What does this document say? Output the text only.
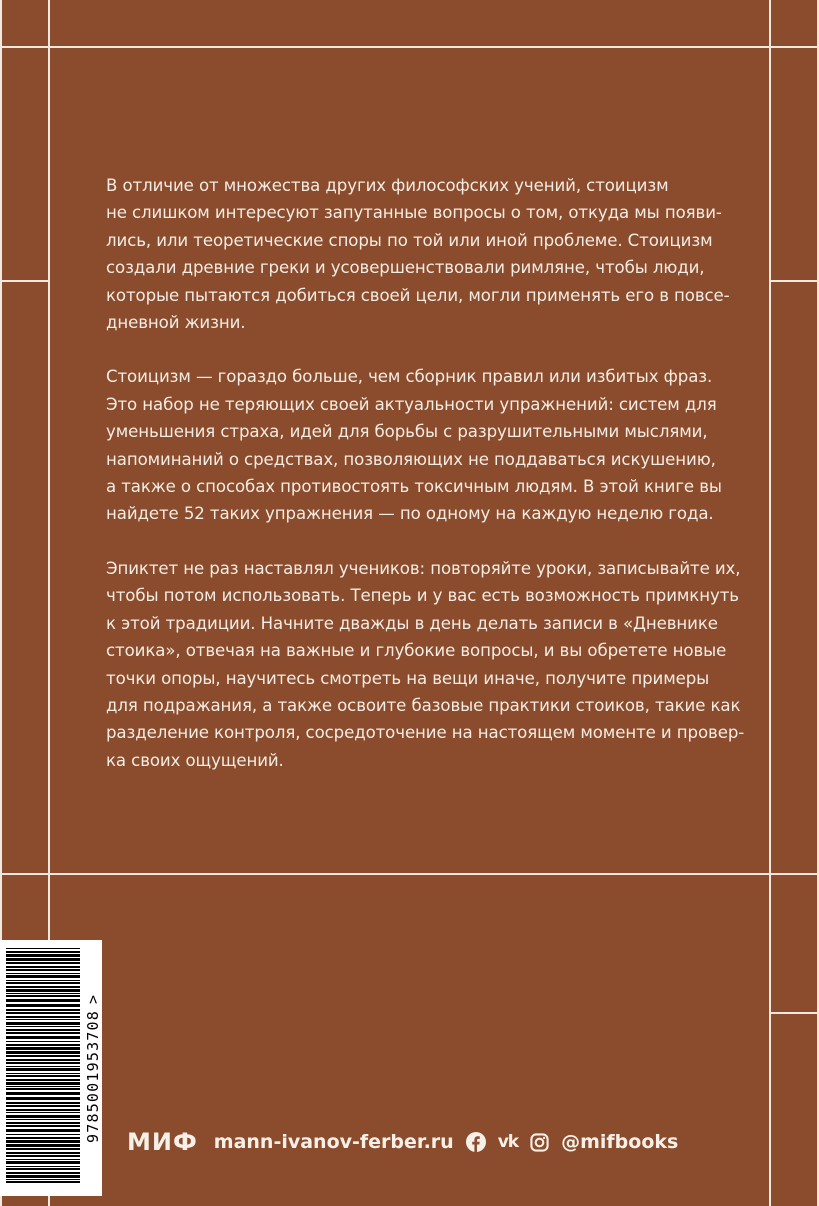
В отличие от множества других философских учений, стоицизм
не слишком интересуют запутанные вопросы о том, откуда мы появи-
лись, или теоретические споры по той или иной проблеме. Стоицизм
создали древние греки и усовершенствовали римляне, чтобы люди,
которые пытаются добиться своей цели, могли применять его в повсе-
дневной жизни.
Стоицизм — гораздо больше, чем сборник правил или избитых фраз.
Это набор не теряющих своей актуальности упражнений: систем для
уменьшения страха, идей для борьбы с разрушительными мыслями,
напоминаний о средствах, позволяющих не поддаваться искушению,
а также о способах противостоять токсичным людям. В этой книге вы
найдете 52 таких упражнения — по одному на каждую неделю года.
Эпиктет не раз наставлял учеников: повторяйте уроки, записывайте их,
чтобы потом использовать. Теперь и у вас есть возможность примкнуть
к этой традиции. Начните дважды в день делать записи в «Дневнике
стоика», отвечая на важные и глубокие вопросы, и вы обретете новые
точки опоры, научитесь смотреть на вещи иначе, получите примеры
для подражания, а также освоите базовые практики стоиков, такие как
разделение контроля, сосредоточение на настоящем моменте и провер-
ка своих ощущений.
9785001953708>
МИФ mann-ivanov-ferber.ru	vk @mifbooks
